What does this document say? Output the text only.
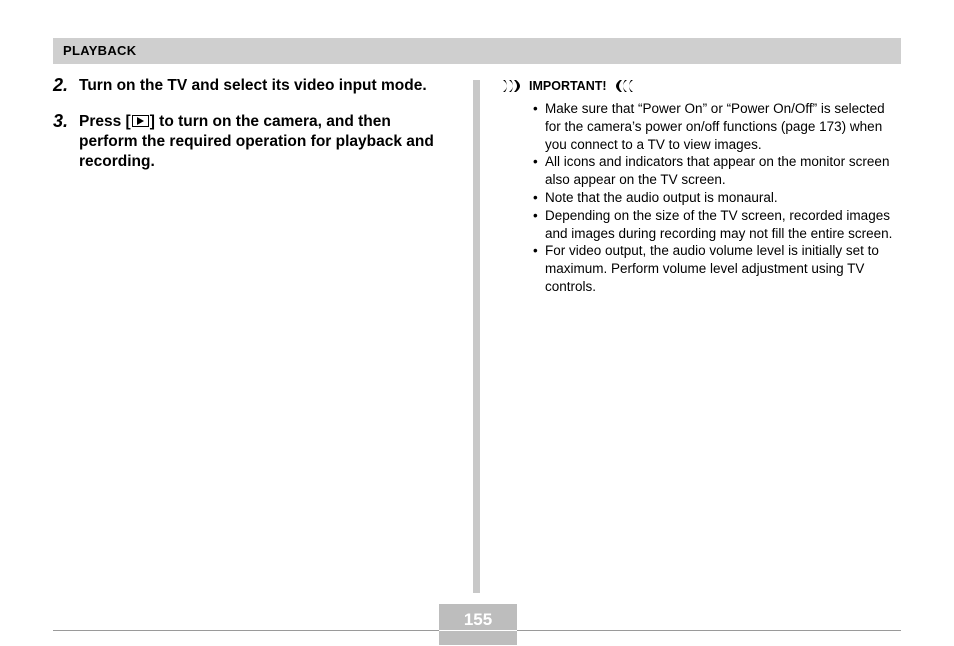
PLAYBACK
2. Turn on the TV and select its video input mode.
3. Press [ ] to turn on the camera, and then perform the required operation for playback and recording.
IMPORTANT!
• Make sure that “Power On” or “Power On/Off” is selected for the camera’s power on/off functions (page 173) when you connect to a TV to view images.
• All icons and indicators that appear on the monitor screen also appear on the TV screen.
• Note that the audio output is monaural.
• Depending on the size of the TV screen, recorded images and images during recording may not fill the entire screen.
• For video output, the audio volume level is initially set to maximum. Perform volume level adjustment using TV controls.
155
